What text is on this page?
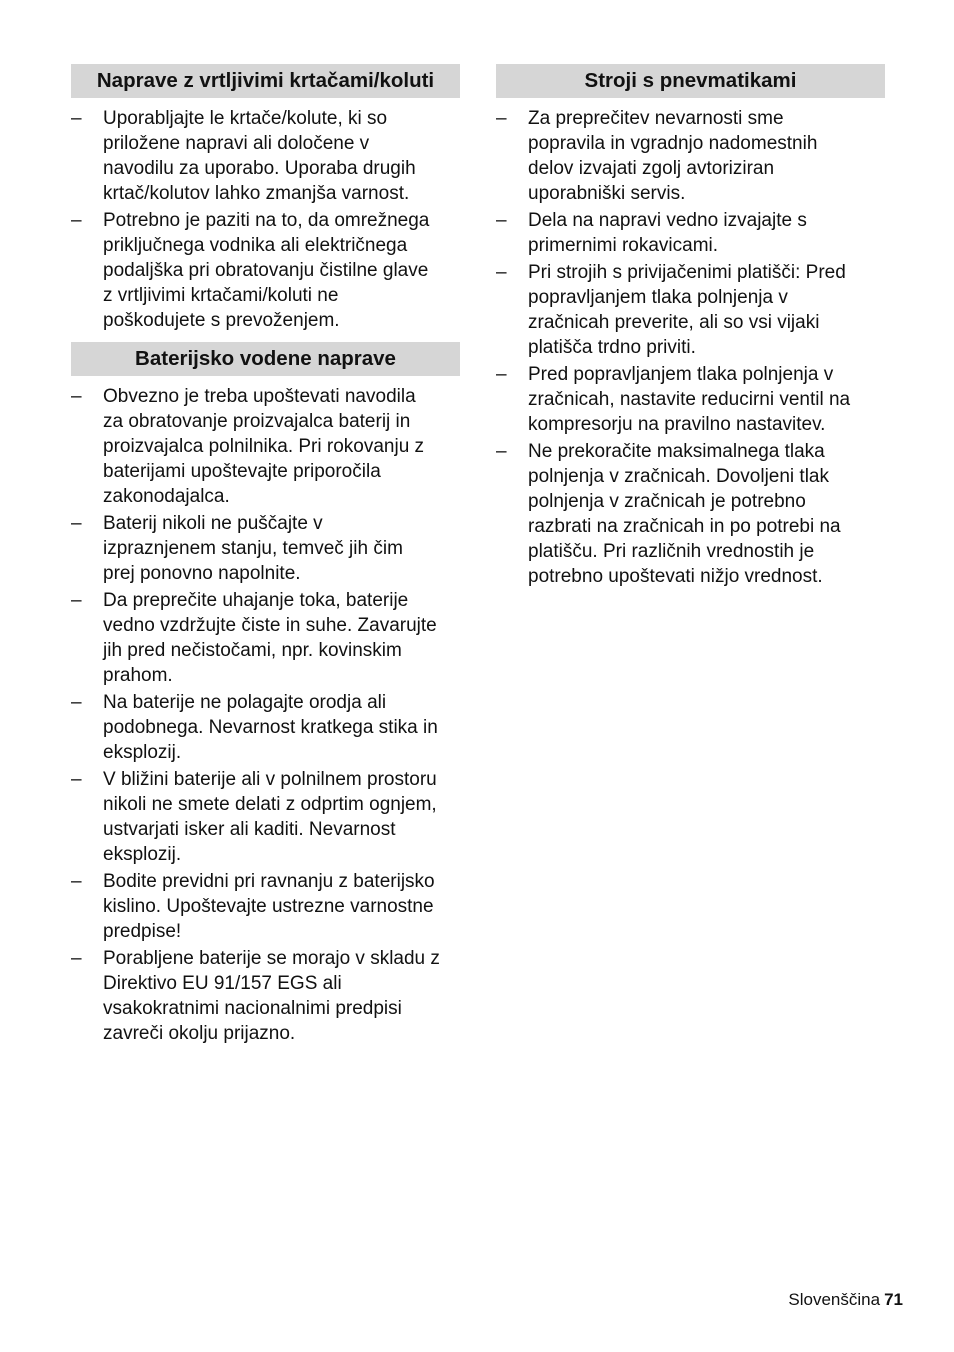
Naprave z vrtljivimi krtačami/koluti
– Uporabljajte le krtače/kolute, ki so
priložene napravi ali določene v
navodilu za uporabo. Uporaba drugih
krtač/kolutov lahko zmanjša varnost.
– Potrebno je paziti na to, da omrežnega
priključnega vodnika ali električnega
podaljška pri obratovanju čistilne glave
z vrtljivimi krtačami/koluti ne
poškodujete s prevoženjem.
Baterijsko vodene naprave
– Obvezno je treba upoštevati navodila
za obratovanje proizvajalca baterij in
proizvajalca polnilnika. Pri rokovanju z
baterijami upoštevajte priporočila
zakonodajalca.
– Baterij nikoli ne puščajte v
izpraznjenem stanju, temveč jih čim
prej ponovno napolnite.
– Da preprečite uhajanje toka, baterije
vedno vzdržujte čiste in suhe. Zavarujte
jih pred nečistočami, npr. kovinskim
prahom.
– Na baterije ne polagajte orodja ali
podobnega. Nevarnost kratkega stika in
eksplozij.
– V bližini baterije ali v polnilnem prostoru
nikoli ne smete delati z odprtim ognjem,
ustvarjati isker ali kaditi. Nevarnost
eksplozij.
– Bodite previdni pri ravnanju z baterijsko
kislino. Upoštevajte ustrezne varnostne
predpise!
– Porabljene baterije se morajo v skladu z
Direktivo EU 91/157 EGS ali
vsakokratnimi nacionalnimi predpisi
zavreči okolju prijazno.
Stroji s pnevmatikami
– Za preprečitev nevarnosti sme
popravila in vgradnjo nadomestnih
delov izvajati zgolj avtoriziran
uporabniški servis.
– Dela na napravi vedno izvajajte s
primernimi rokavicami.
– Pri strojih s privijačenimi platišči: Pred
popravljanjem tlaka polnjenja v
zračnicah preverite, ali so vsi vijaki
platišča trdno priviti.
– Pred popravljanjem tlaka polnjenja v
zračnicah, nastavite reducirni ventil na
kompresorju na pravilno nastavitev.
– Ne prekoračite maksimalnega tlaka
polnjenja v zračnicah. Dovoljeni tlak
polnjenja v zračnicah je potrebno
razbrati na zračnicah in po potrebi na
platišču. Pri različnih vrednostih je
potrebno upoštevati nižjo vrednost.
Slovenščina 71
